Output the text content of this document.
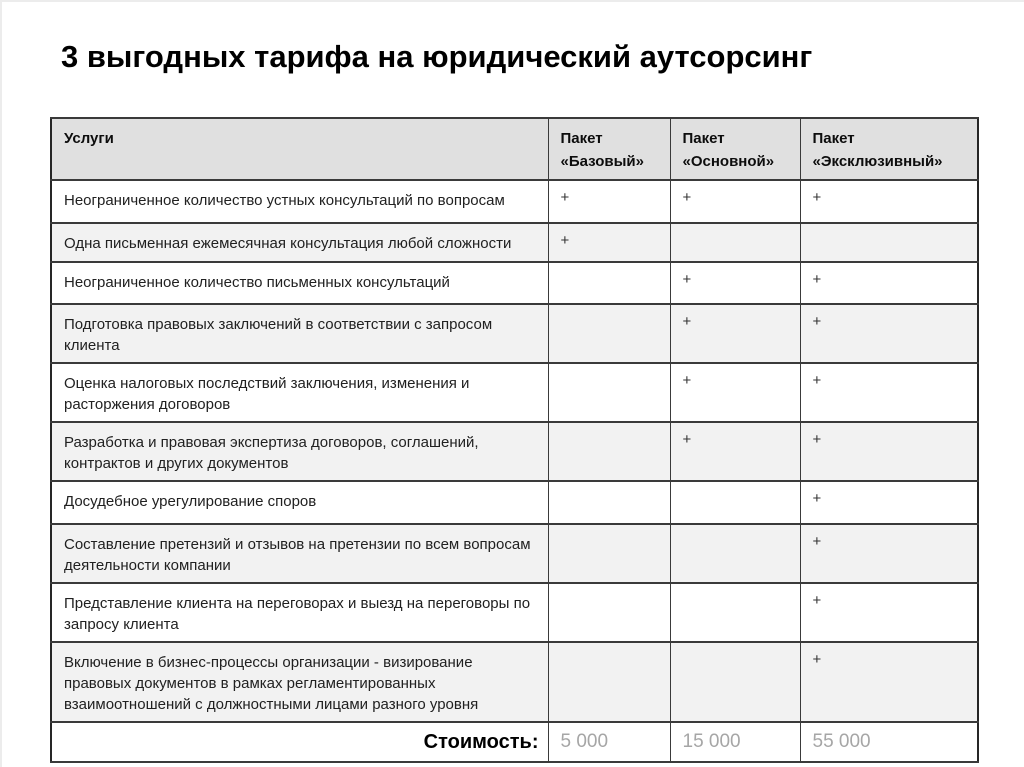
3 выгодных тарифа на юридический аутсорсинг
Услуги	Пакет «Базовый»	Пакет «Основной»	Пакет «Эксклюзивный»
Неограниченное количество устных консультаций по вопросам	+	+	+
Одна письменная ежемесячная консультация любой сложности	+		
Неограниченное количество письменных консультаций		+	+
Подготовка правовых заключений в соответствии с запросом клиента		+	+
Оценка налоговых последствий заключения, изменения и расторжения договоров		+	+
Разработка и правовая экспертиза договоров, соглашений, контрактов и других документов		+	+
Досудебное урегулирование споров			+
Составление претензий и отзывов на претензии по всем вопросам деятельности компании			+
Представление клиента на переговорах и выезд на переговоры по запросу клиента			+
Включение в бизнес-процессы организации - визирование правовых документов в рамках регламентированных взаимоотношений с должностными лицами разного уровня			+
Стоимость:	5 000	15 000	55 000
